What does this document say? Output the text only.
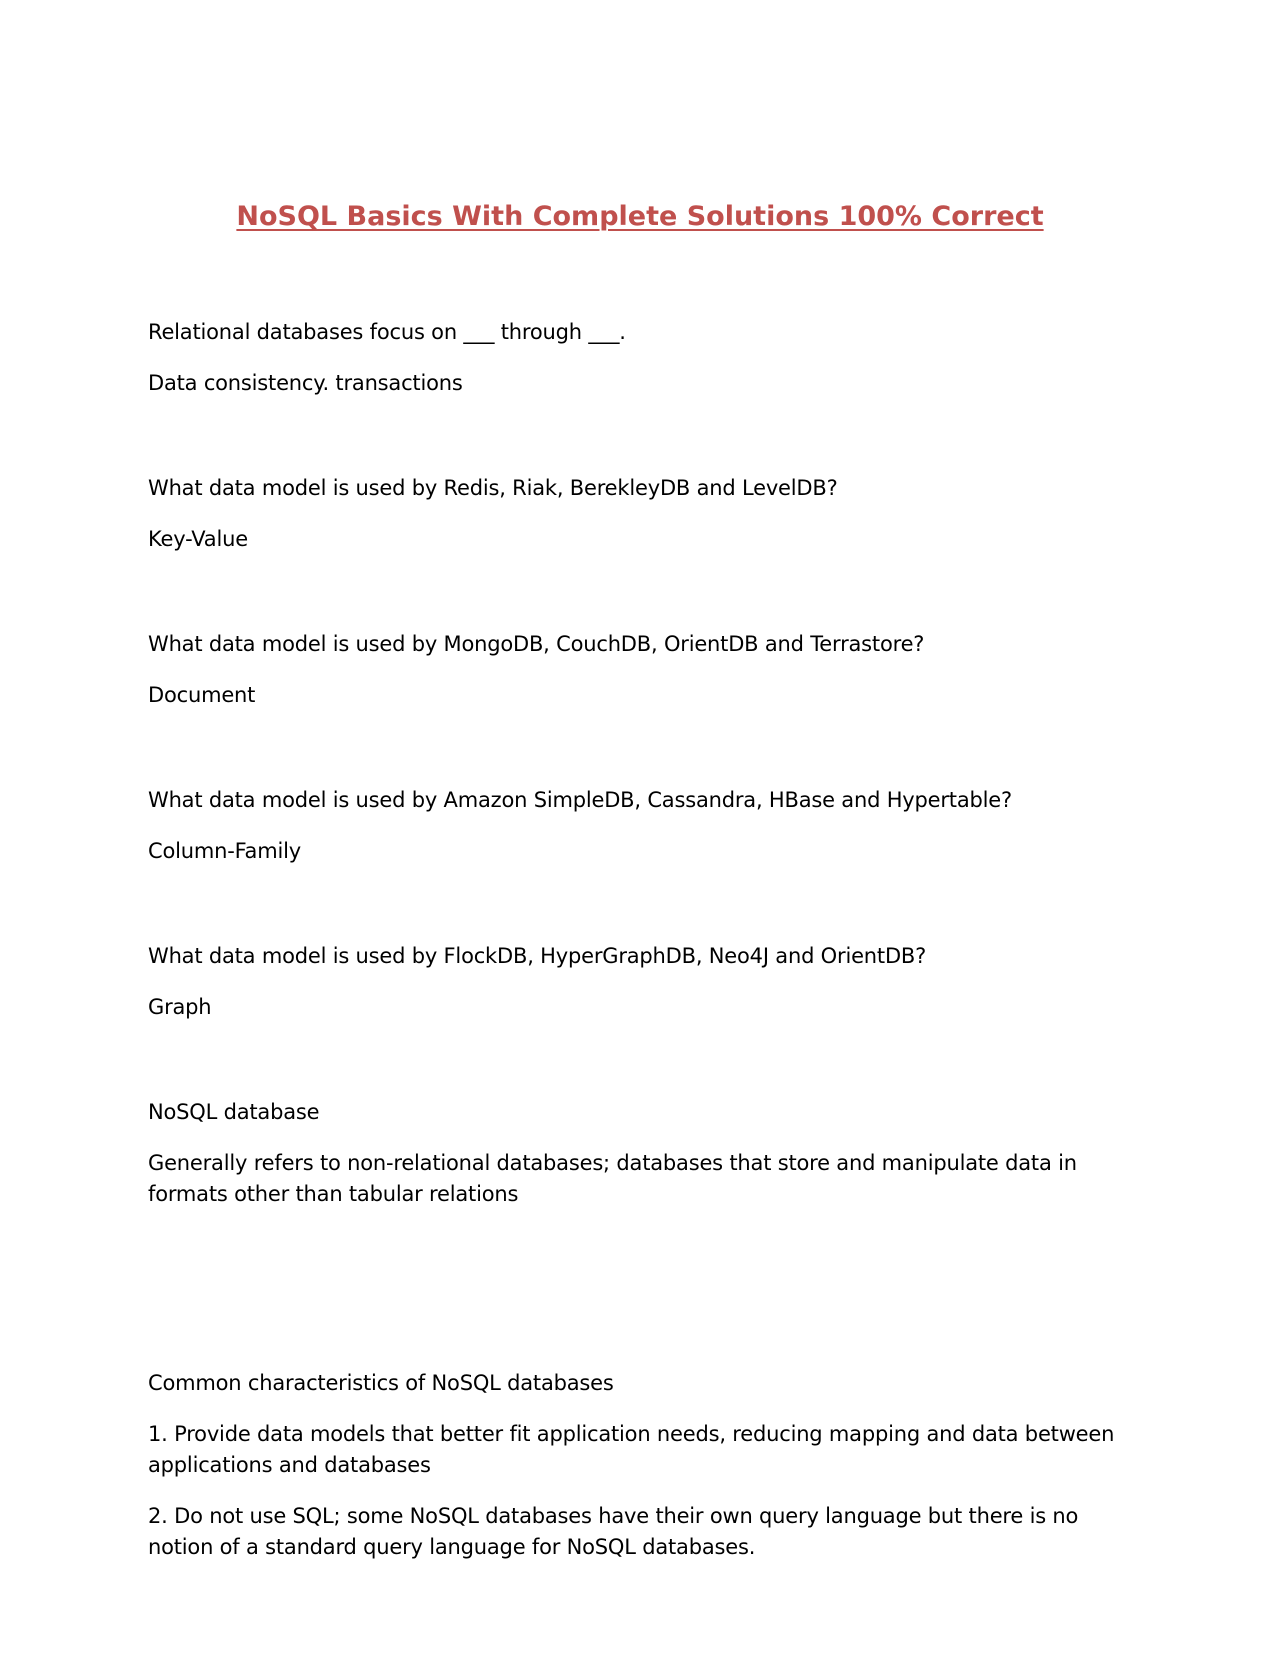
NoSQL Basics With Complete Solutions 100% Correct

Relational databases focus on ___ through ___.

Data consistency. transactions

What data model is used by Redis, Riak, BerekleyDB and LevelDB?

Key-Value

What data model is used by MongoDB, CouchDB, OrientDB and Terrastore?

Document

What data model is used by Amazon SimpleDB, Cassandra, HBase and Hypertable?

Column-Family

What data model is used by FlockDB, HyperGraphDB, Neo4J and OrientDB?

Graph

NoSQL database

Generally refers to non-relational databases; databases that store and manipulate data in formats other than tabular relations

Common characteristics of NoSQL databases

1. Provide data models that better fit application needs, reducing mapping and data between applications and databases

2. Do not use SQL; some NoSQL databases have their own query language but there is no notion of a standard query language for NoSQL databases.
